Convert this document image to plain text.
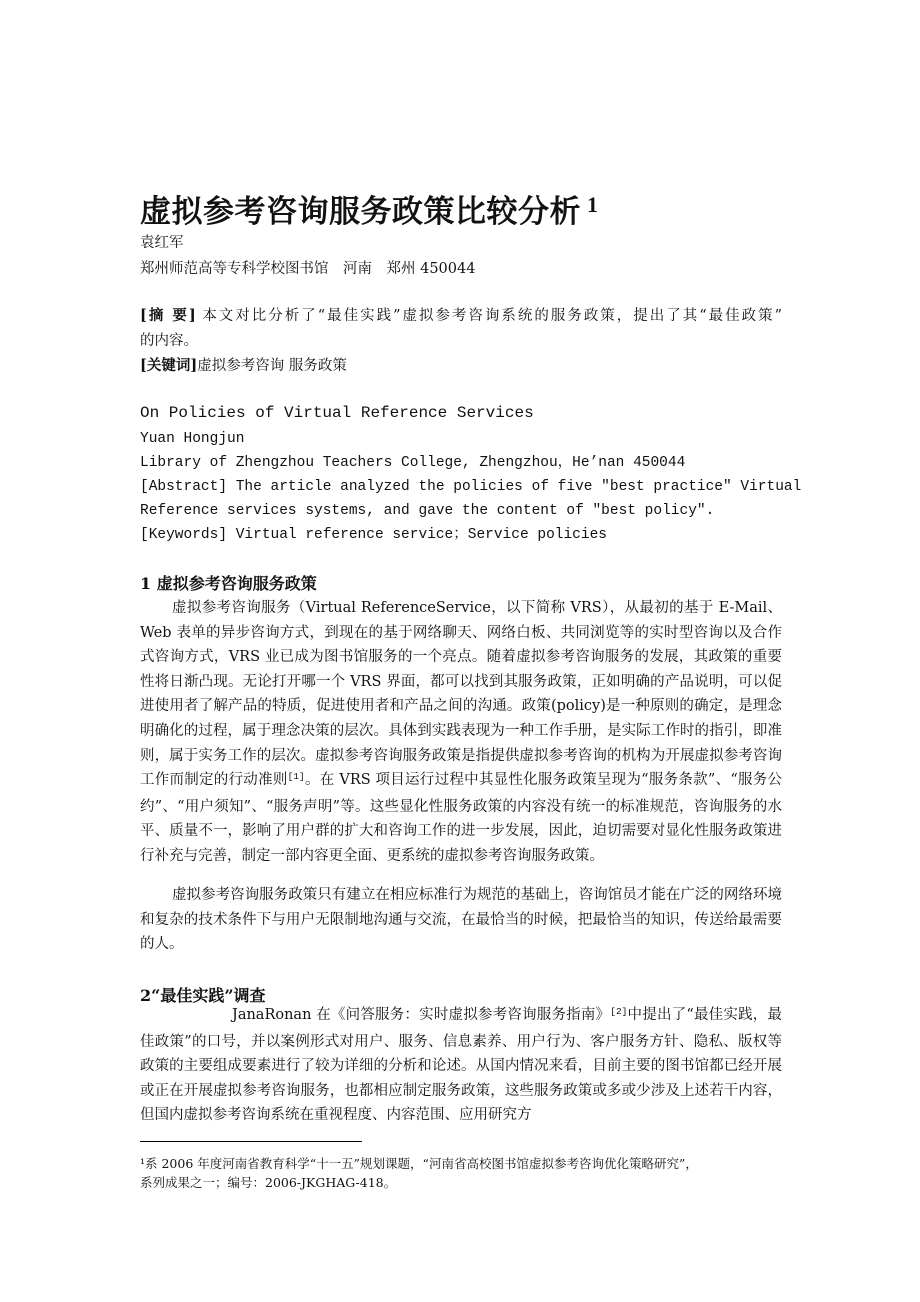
虚拟参考咨询服务政策比较分析 $^1$
袁红军
郑州师范高等专科学校图书馆　河南　郑州 450044
[摘 要] 本文对比分析了“最佳实践”虚拟参考咨询系统的服务政策，提出了其“最佳政策”
的内容。
[关键词]虚拟参考咨询 服务政策
On Policies of Virtual Reference Services
Yuan Hongjun
Library of Zhengzhou Teachers College, Zhengzhou，He’nan 450044
[Abstract] The article analyzed the policies of five "best practice" Virtual
Reference services systems, and gave the content of "best policy".
[Keywords] Virtual reference service；Service policies
1 虚拟参考咨询服务政策
虚拟参考咨询服务（Virtual ReferenceService，以下简称 VRS），从最初的基于 E-Mail、Web 表单的异步咨询方式，到现在的基于网络聊天、网络白板、共同浏览等的实时型咨询以及合作式咨询方式，VRS 业已成为图书馆服务的一个亮点。随着虚拟参考咨询服务的发展，其政策的重要性将日渐凸现。无论打开哪一个 VRS 界面，都可以找到其服务政策，正如明确的产品说明，可以促进使用者了解产品的特质，促进使用者和产品之间的沟通。政策(policy)是一种原则的确定，是理念明确化的过程，属于理念决策的层次。具体到实践表现为一种工作手册，是实际工作时的指引，即准则，属于实务工作的层次。虚拟参考咨询服务政策是指提供虚拟参考咨询的机构为开展虚拟参考咨询工作而制定的行动准则[1]。在 VRS 项目运行过程中其显性化服务政策呈现为“服务条款”、“服务公约”、“用户须知”、“服务声明”等。这些显化性服务政策的内容没有统一的标准规范，咨询服务的水平、质量不一，影响了用户群的扩大和咨询工作的进一步发展，因此，迫切需要对显化性服务政策进行补充与完善，制定一部内容更全面、更系统的虚拟参考咨询服务政策。
虚拟参考咨询服务政策只有建立在相应标准行为规范的基础上，咨询馆员才能在广泛的网络环境和复杂的技术条件下与用户无限制地沟通与交流，在最恰当的时候，把最恰当的知识，传送给最需要的人。
2“最佳实践”调查
JanaRonan 在《问答服务：实时虚拟参考咨询服务指南》[2]中提出了“最佳实践，最佳政策”的口号，并以案例形式对用户、服务、信息素养、用户行为、客户服务方针、隐私、版权等政策的主要组成要素进行了较为详细的分析和论述。从国内情况来看，目前主要的图书馆都已经开展或正在开展虚拟参考咨询服务，也都相应制定服务政策，这些服务政策或多或少涉及上述若干内容，但国内虚拟参考咨询系统在重视程度、内容范围、应用研究方
¹系 2006 年度河南省教育科学“十一五”规划课题，“河南省高校图书馆虚拟参考咨询优化策略研究”，
系列成果之一；编号：2006-JKGHAG-418。
